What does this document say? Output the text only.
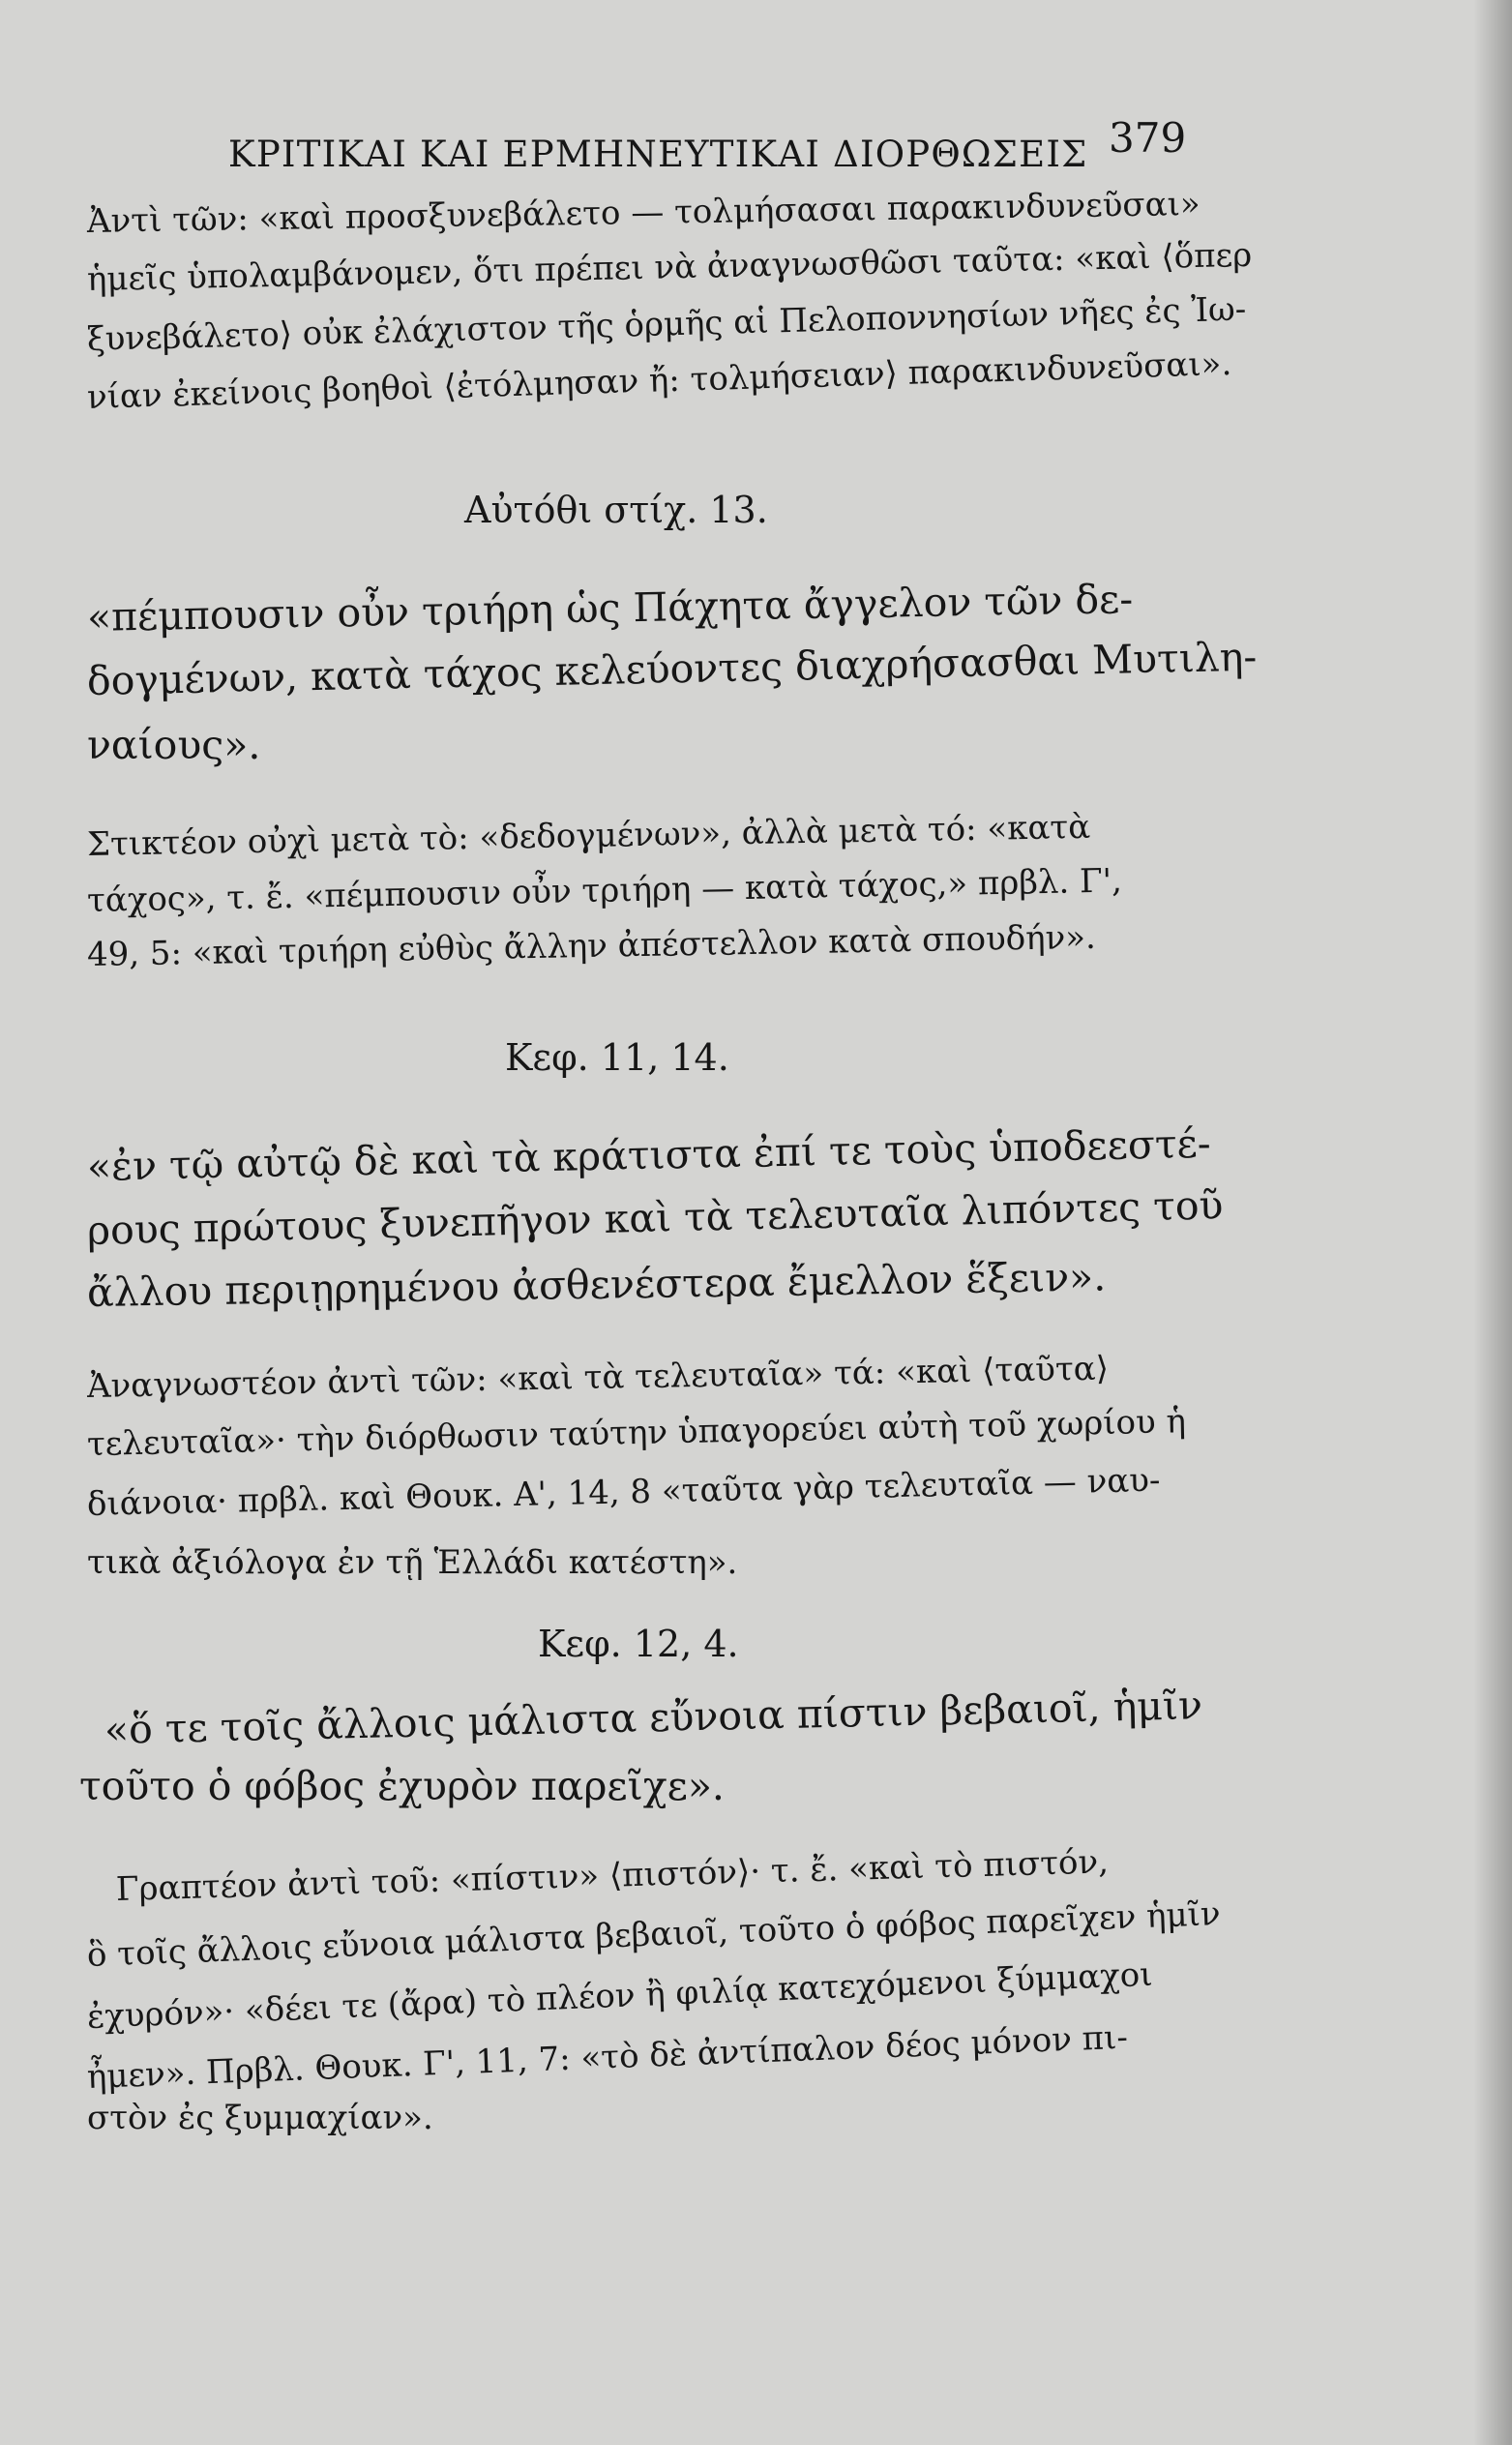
ΚΡΙΤΙΚΑΙ ΚΑΙ ΕΡΜΗΝΕΥΤΙΚΑΙ ΔΙΟΡΘΩΣΕΙΣ 379
Ἀντὶ τῶν: «καὶ προσξυνεβάλετο — τολμήσασαι παρακινδυνεῦσαι»
ἡμεῖς ὑπολαμβάνομεν, ὅτι πρέπει νὰ ἀναγνωσθῶσι ταῦτα: «καὶ ⟨ὅπερ
ξυνεβάλετο⟩ οὐκ ἐλάχιστον τῆς ὁρμῆς αἱ Πελοποννησίων νῆες ἐς Ἰω-
νίαν ἐκείνοις βοηθοὶ ⟨ἐτόλμησαν ἤ: τολμήσειαν⟩ παρακινδυνεῦσαι».
Αὐτόθι στίχ. 13.
«πέμπουσιν οὖν τριήρη ὡς Πάχητα ἄγγελον τῶν δε-
δογμένων, κατὰ τάχος κελεύοντες διαχρήσασθαι Μυτιλη-
ναίους».
Στικτέον οὐχὶ μετὰ τὸ: «δεδογμένων», ἀλλὰ μετὰ τό: «κατὰ
τάχος», τ. ἔ. «πέμπουσιν οὖν τριήρη — κατὰ τάχος,» πρβλ. Γ',
49, 5: «καὶ τριήρη εὐθὺς ἄλλην ἀπέστελλον κατὰ σπουδήν».
Κεφ. 11, 14.
«ἐν τῷ αὐτῷ δὲ καὶ τὰ κράτιστα ἐπί τε τοὺς ὑποδεεστέ-
ρους πρώτους ξυνεπῆγον καὶ τὰ τελευταῖα λιπόντες τοῦ
ἄλλου περιῃρημένου ἀσθενέστερα ἔμελλον ἕξειν».
Ἀναγνωστέον ἀντὶ τῶν: «καὶ τὰ τελευταῖα» τά: «καὶ ⟨ταῦτα⟩
τελευταῖα»· τὴν διόρθωσιν ταύτην ὑπαγορεύει αὐτὴ τοῦ χωρίου ἡ
διάνοια· πρβλ. καὶ Θουκ. Α', 14, 8 «ταῦτα γὰρ τελευταῖα — ναυ-
τικὰ ἀξιόλογα ἐν τῇ Ἑλλάδι κατέστη».
Κεφ. 12, 4.
«ὅ τε τοῖς ἄλλοις μάλιστα εὔνοια πίστιν βεβαιοῖ, ἡμῖν
τοῦτο ὁ φόβος ἐχυρὸν παρεῖχε».
Γραπτέον ἀντὶ τοῦ: «πίστιν» ⟨πιστόν⟩· τ. ἔ. «καὶ τὸ πιστόν,
ὃ τοῖς ἄλλοις εὔνοια μάλιστα βεβαιοῖ, τοῦτο ὁ φόβος παρεῖχεν ἡμῖν
ἐχυρόν»· «δέει τε (ἄρα) τὸ πλέον ἢ φιλίᾳ κατεχόμενοι ξύμμαχοι
ἦμεν». Πρβλ. Θουκ. Γ', 11, 7: «τὸ δὲ ἀντίπαλον δέος μόνον πι-
στὸν ἐς ξυμμαχίαν».
